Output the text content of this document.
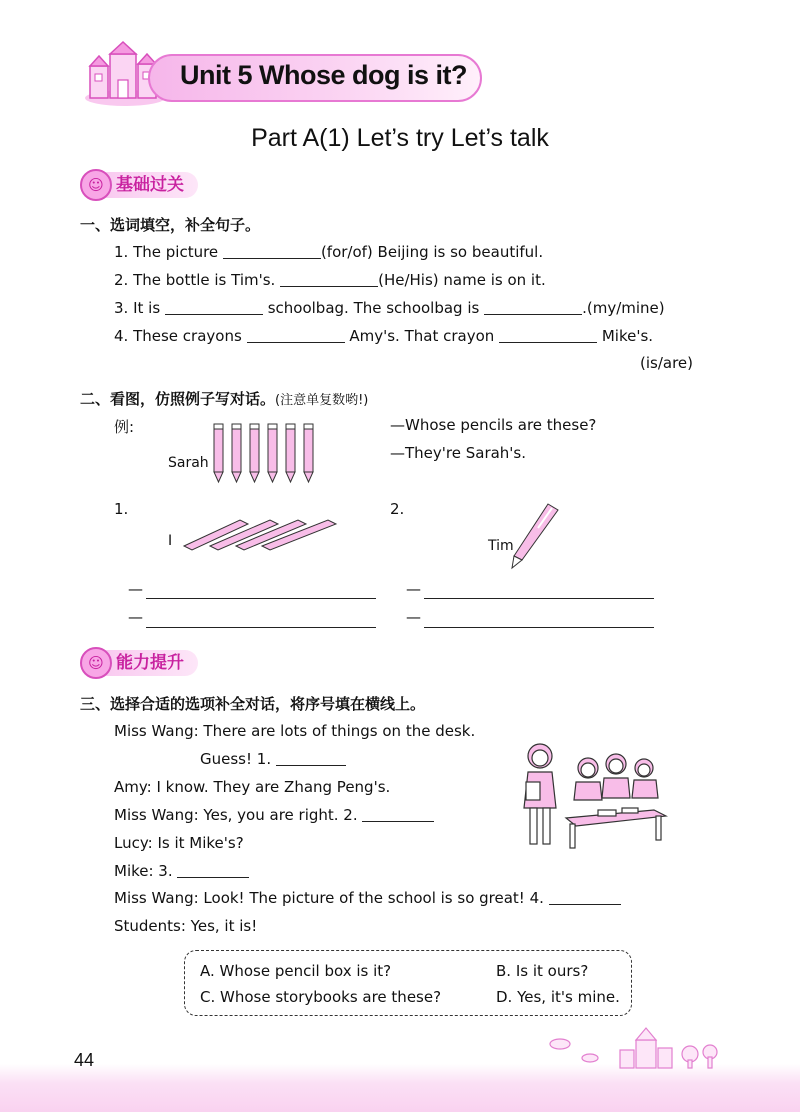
Unit 5 Whose dog is it?
Part A(1) Let’s try Let’s talk
☺ 基础过关
一、选词填空，补全句子。
1. The picture	(for/of) Beijing is so beautiful.
2. The bottle is Tim's.	(He/His) name is on it.
3. It is	schoolbag. The schoolbag is	.(my/mine)
4. These crayons	Amy's. That crayon	Mike's.
(is/are)
二、看图，仿照例子写对话。(注意单复数哟!)
例:
Sarah
—Whose pencils are these?
—They're Sarah's.
1.
I
2.
Tim
—
—
—
—
☺ 能力提升
三、选择合适的选项补全对话，将序号填在横线上。
Miss Wang: There are lots of things on the desk.
Guess! 1.
Amy: I know. They are Zhang Peng's.
Miss Wang: Yes, you are right. 2.
Lucy: Is it Mike's?
Mike: 3.
Miss Wang: Look! The picture of the school is so great! 4.
Students: Yes, it is!
A. Whose pencil box is it?	B. Is it ours?
C. Whose storybooks are these?	D. Yes, it's mine.
44
